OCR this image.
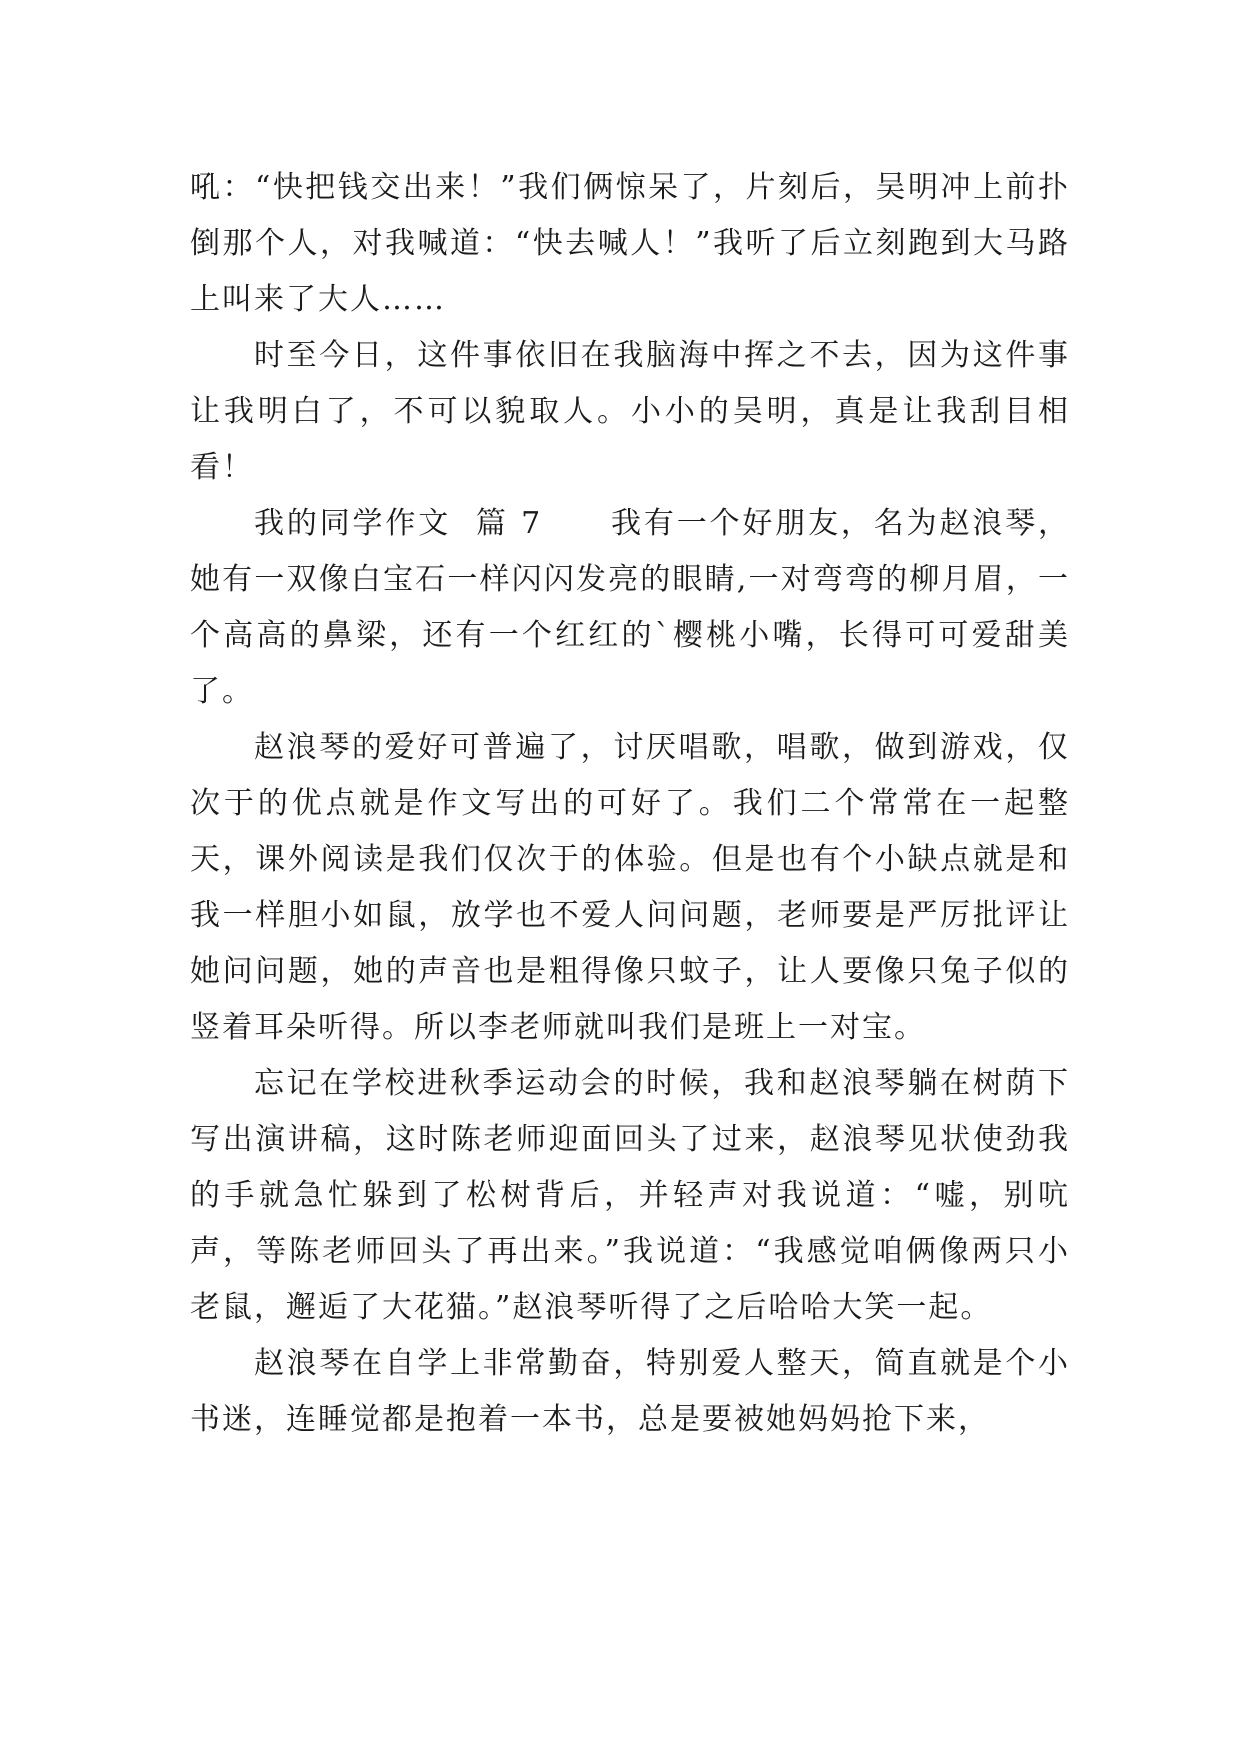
吼：“快把钱交出来！”我们俩惊呆了，片刻后，吴明冲上前扑倒那个人，对我喊道：“快去喊人！”我听了后立刻跑到大马路上叫来了大人……

时至今日，这件事依旧在我脑海中挥之不去，因为这件事让我明白了，不可以貌取人。小小的吴明，真是让我刮目相看！

我的同学作文  篇 7 我有一个好朋友，名为赵浪琴，她有一双像白宝石一样闪闪发亮的眼睛,一对弯弯的柳月眉，一个高高的鼻梁，还有一个红红的`樱桃小嘴，长得可可爱甜美了。

赵浪琴的爱好可普遍了，讨厌唱歌，唱歌，做到游戏，仅次于的优点就是作文写出的可好了。我们二个常常在一起整天，课外阅读是我们仅次于的体验。但是也有个小缺点就是和我一样胆小如鼠，放学也不爱人问问题，老师要是严厉批评让她问问题，她的声音也是粗得像只蚊子，让人要像只兔子似的竖着耳朵听得。所以李老师就叫我们是班上一对宝。

忘记在学校进秋季运动会的时候，我和赵浪琴躺在树荫下写出演讲稿，这时陈老师迎面回头了过来，赵浪琴见状使劲我的手就急忙躲到了松树背后，并轻声对我说道：“嘘，别吭声，等陈老师回头了再出来。”我说道：“我感觉咱俩像两只小老鼠，邂逅了大花猫。”赵浪琴听得了之后哈哈大笑一起。

赵浪琴在自学上非常勤奋，特别爱人整天，简直就是个小书迷，连睡觉都是抱着一本书，总是要被她妈妈抢下来，
